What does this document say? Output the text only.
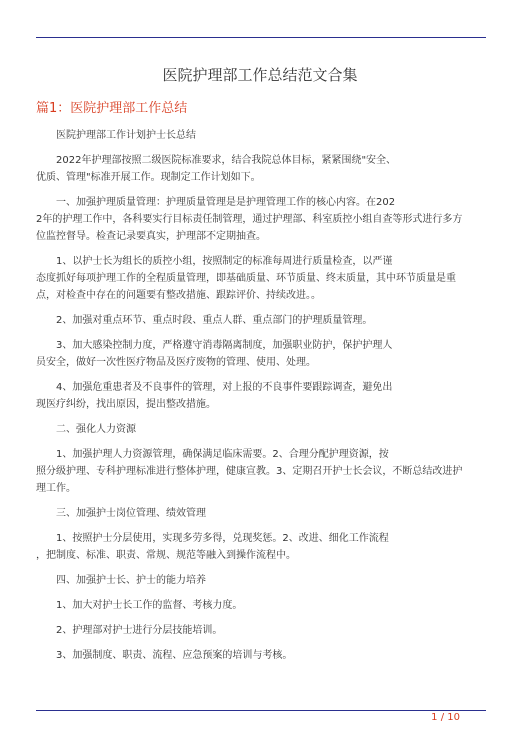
医院护理部工作总结范文合集
篇1：医院护理部工作总结
医院护理部工作计划护士长总结
2022年护理部按照二级医院标准要求，结合我院总体目标，紧紧围绕"安全、
优质、管理"标准开展工作。现制定工作计划如下。
一、加强护理质量管理：护理质量管理是是护理管理工作的核心内容。在202
2年的护理工作中，各科要实行目标责任制管理，通过护理部、科室质控小组自查等形式进行多方
位监控督导。检查记录要真实，护理部不定期抽查。
1、以护士长为组长的质控小组，按照制定的标准每周进行质量检查，以严谨
态度抓好每项护理工作的全程质量管理，即基础质量、环节质量、终末质量，其中环节质量是重
点，对检查中存在的问题要有整改措施、跟踪评价、持续改进。。
2、加强对重点环节、重点时段、重点人群、重点部门的护理质量管理。
3、加大感染控制力度，严格遵守消毒隔离制度，加强职业防护，保护护理人
员安全，做好一次性医疗物品及医疗废物的管理、使用、处理。
4、加强危重患者及不良事件的管理，对上报的不良事件要跟踪调查，避免出
现医疗纠纷，找出原因，提出整改措施。
二、强化人力资源
1、加强护理人力资源管理，确保满足临床需要。2、合理分配护理资源，按
照分级护理、专科护理标准进行整体护理，健康宣教。3、定期召开护士长会议，不断总结改进护
理工作。
三、加强护士岗位管理、绩效管理
1、按照护士分层使用，实现多劳多得，兑现奖惩。2、改进、细化工作流程
，把制度、标准、职责、常规、规范等融入到操作流程中。
四、加强护士长、护士的能力培养
1、加大对护士长工作的监督、考核力度。
2、护理部对护士进行分层技能培训。
3、加强制度、职责、流程、应急预案的培训与考核。
1 / 10
